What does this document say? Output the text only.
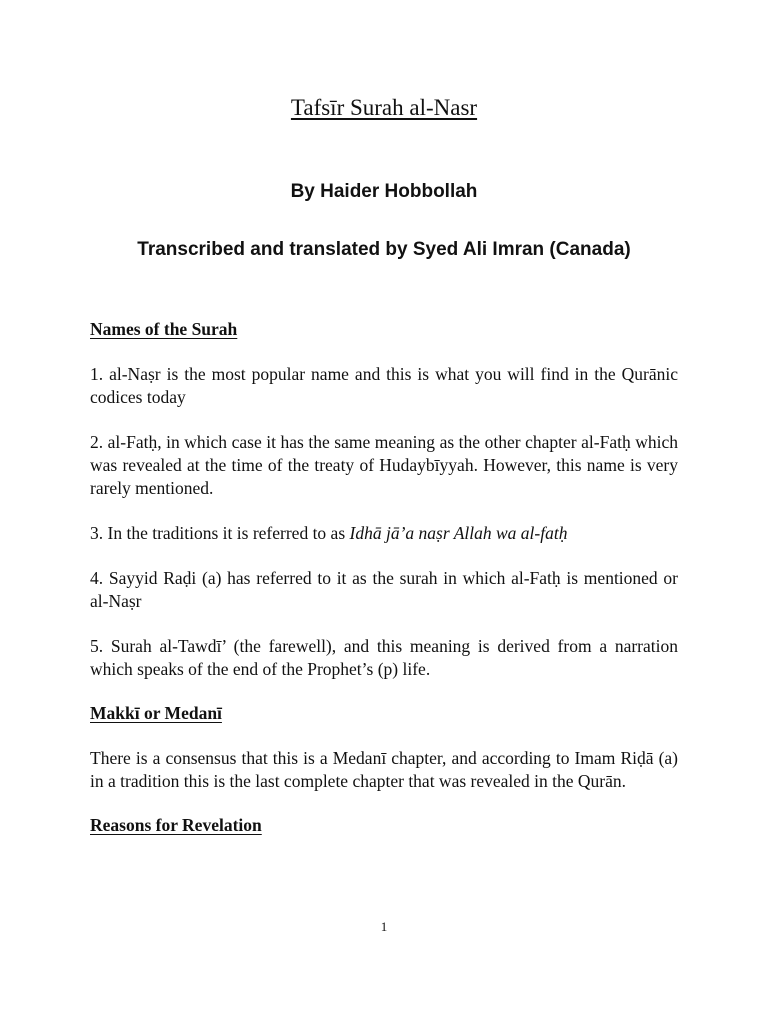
Tafsīr Surah al-Nasr

By Haider Hobbollah

Transcribed and translated by Syed Ali Imran (Canada)

Names of the Surah

1. al-Naṣr is the most popular name and this is what you will find in the Qurānic codices today

2. al-Fatḥ, in which case it has the same meaning as the other chapter al-Fatḥ which was revealed at the time of the treaty of Hudaybīyyah. However, this name is very rarely mentioned.

3. In the traditions it is referred to as Idhā jā’a naṣr Allah wa al-fatḥ

4. Sayyid Raḍi (a) has referred to it as the surah in which al-Fatḥ is mentioned or al-Naṣr

5. Surah al-Tawdī’ (the farewell), and this meaning is derived from a narration which speaks of the end of the Prophet’s (p) life.

Makkī or Medanī

There is a consensus that this is a Medanī chapter, and according to Imam Riḍā (a) in a tradition this is the last complete chapter that was revealed in the Qurān.

Reasons for Revelation

1
